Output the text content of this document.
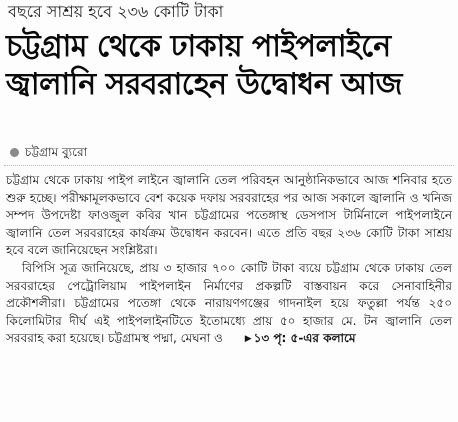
বছরে সাশ্রয় হবে ২৩৬ কোটি টাকা
চট্টগ্রাম থেকে ঢাকায় পাইপলাইনে
জ্বালানি সরবরাহেন উদ্বোধন আজ
চট্টগ্রাম ব্যুরো

চট্টগ্রাম থেকে ঢাকায় পাইপ লাইনে জ্বালানি তেল পরিবহন আনুষ্ঠানিকভাবে আজ শনিবার হতে শুরু হচ্ছে। পরীক্ষামূলকভাবে বেশ কয়েক দফায় সরবরাহের পর আজ সকালে জ্বালানি ও খনিজ সম্পদ উপদেষ্টা ফাওজুল কবির খান চট্টগ্রামের পতেঙ্গাস্থ ডেসপাস টার্মিনালে পাইপলাইনে জ্বালানি তেল সরবরাহের কার্যক্রম উদ্বোধন করবেন। এতে প্রতি বছর ২৩৬ কোটি টাকা সাশ্রয় হবে বলে জানিয়েছেন সংশ্লিষ্টরা।

বিপিসি সূত্র জানিয়েছে, প্রায় ৩ হাজার ৭০০ কোটি টাকা ব্যয়ে চট্টগ্রাম থেকে ঢাকায় তেল সরবরাহের পেট্রোলিয়াম পাইপলাইন নির্মাণের প্রকল্পটি বাস্তবায়ন করে সেনাবাহিনীর প্রকৌশলীরা। চট্টগ্রামের পতেঙ্গা থেকে নারায়ণগঞ্জের গাদনাইল হয়ে ফতুল্লা পর্যন্ত ২৫০ কিলোমিটার দীর্ঘ এই পাইপলাইনটিতে ইতোমধ্যে প্রায় ৫০ হাজার মে. টন জ্বালানি তেল সরবরাহ করা হয়েছে। চট্টগ্রামস্থ পদ্মা, মেঘনা ও ▶ ১৩ পৃ: ৫-এর কলামে
